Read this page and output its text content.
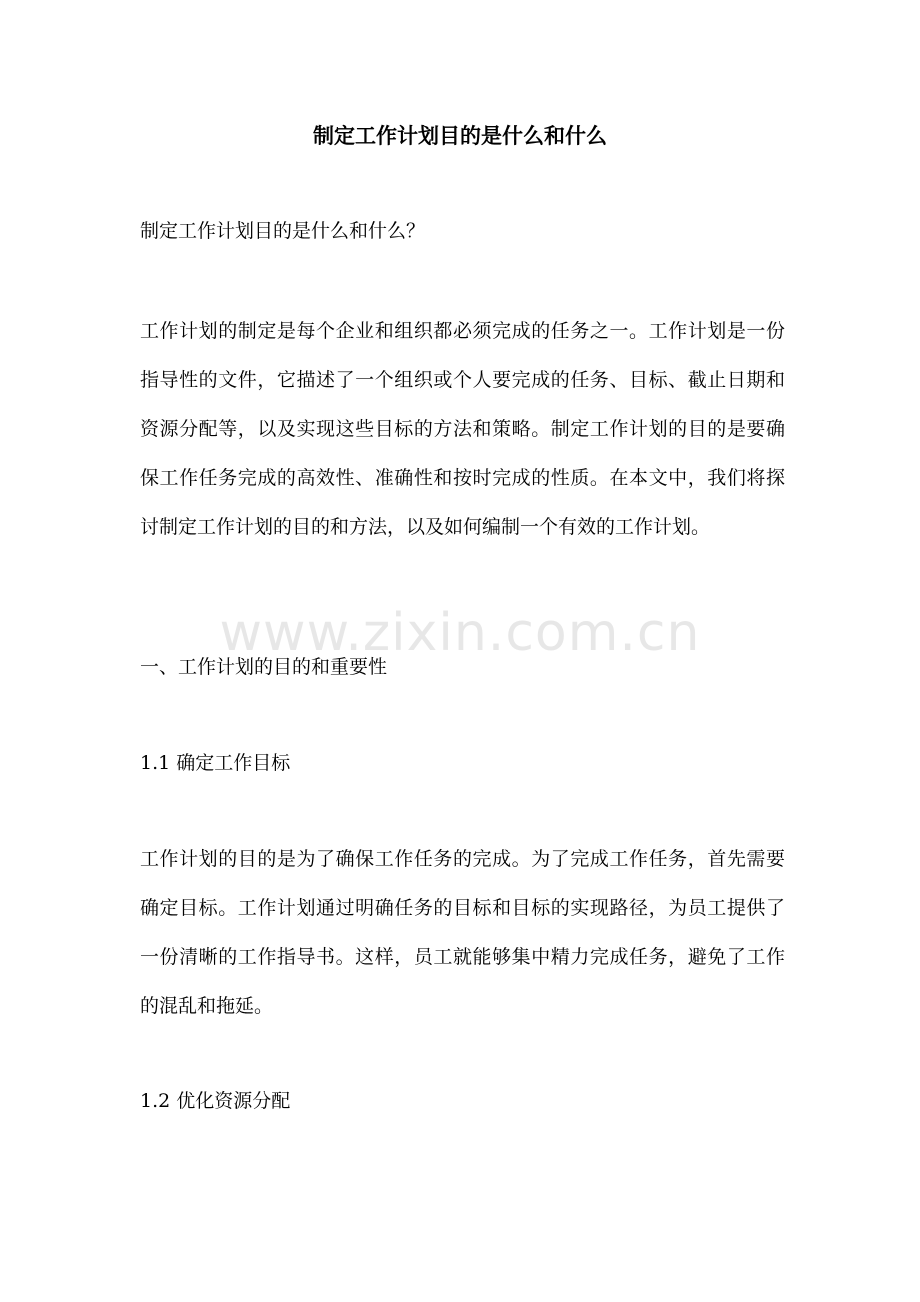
制定工作计划目的是什么和什么
制定工作计划目的是什么和什么？
工作计划的制定是每个企业和组织都必须完成的任务之一。工作计划是一份指导性的文件，它描述了一个组织或个人要完成的任务、目标、截止日期和资源分配等，以及实现这些目标的方法和策略。制定工作计划的目的是要确保工作任务完成的高效性、准确性和按时完成的性质。在本文中，我们将探讨制定工作计划的目的和方法，以及如何编制一个有效的工作计划。
一、工作计划的目的和重要性
1.1 确定工作目标
工作计划的目的是为了确保工作任务的完成。为了完成工作任务，首先需要确定目标。工作计划通过明确任务的目标和目标的实现路径，为员工提供了一份清晰的工作指导书。这样，员工就能够集中精力完成任务，避免了工作的混乱和拖延。
1.2 优化资源分配
www.zixin.com.cn
